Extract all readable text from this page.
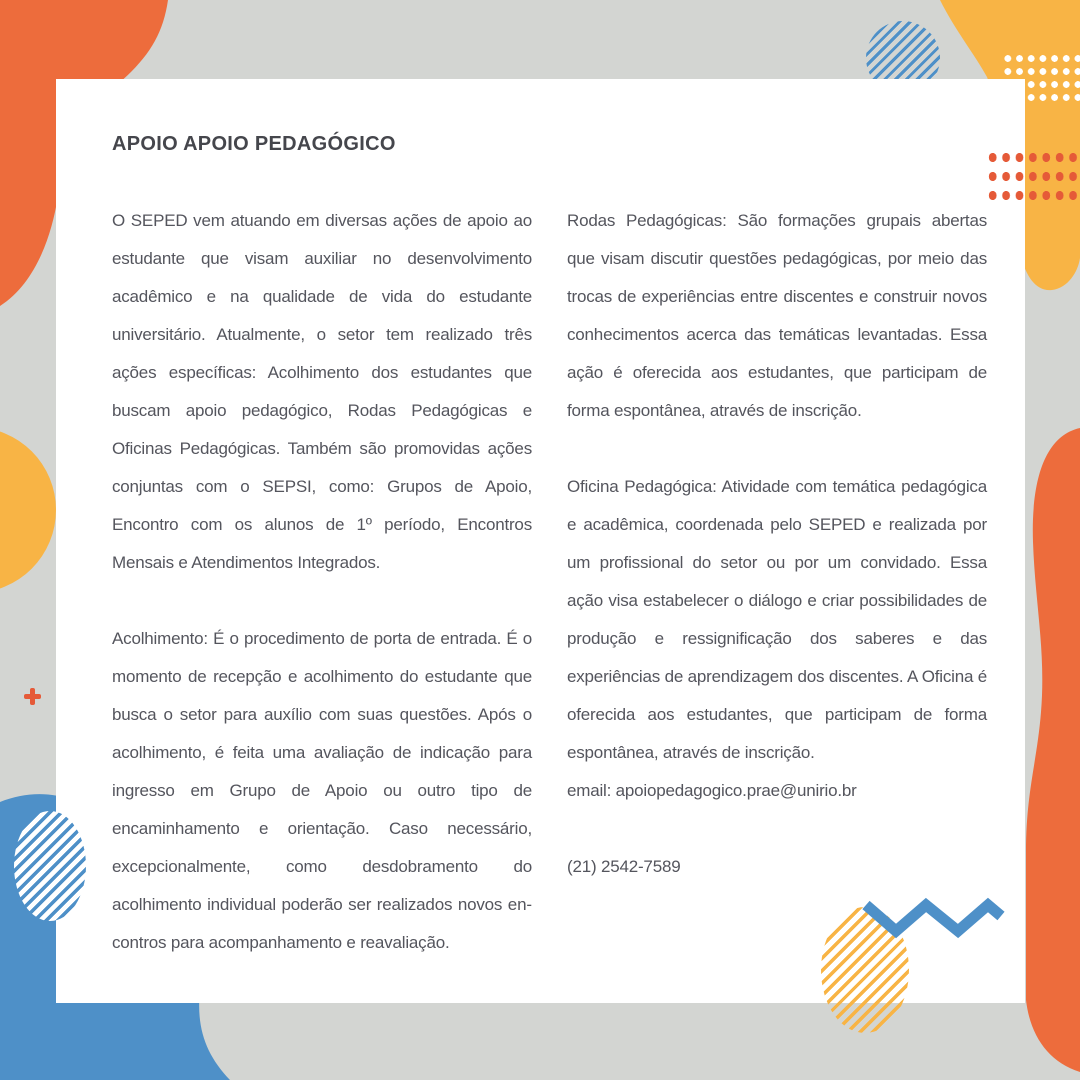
APOIO APOIO PEDAGÓGICO

O SEPED vem atuando em diversas ações de apoio ao estudante que visam auxiliar no desenvolvimento acadêmico e na qualidade de vida do estudante universitário. Atualmente, o setor tem realizado três ações específicas: Acolhimento dos estudantes que buscam apoio pedagógico, Rodas Pedagógicas e Oficinas Pedagógicas. Também são promovidas ações conjuntas com o SEPSI, como: Grupos de Apoio, Encontro com os alunos de 1º período, Encontros Mensais e Atendimentos Integrados.

Acolhimento: É o procedimento de porta de entrada. É o momento de recepção e acolhimento do estudante que busca o setor para auxílio com suas questões. Após o acolhimento, é feita uma avaliação de indicação para ingresso em Grupo de Apoio ou outro tipo de encaminhamento e orientação. Caso necessário, excepcionalmente, como desdobramento do acolhimento individual poderão ser realizados novos encontros para acompanhamento e reavaliação.

Rodas Pedagógicas: São formações grupais abertas que visam discutir questões pedagógicas, por meio das trocas de experiências entre discentes e construir novos conhecimentos acerca das temáticas levantadas. Essa ação é oferecida aos estudantes, que participam de forma espontânea, através de inscrição.

Oficina Pedagógica: Atividade com temática pedagógica e acadêmica, coordenada pelo SEPED e realizada por um profissional do setor ou por um convidado. Essa ação visa estabelecer o diálogo e criar possibilidades de produção e ressignificação dos saberes e das experiências de aprendizagem dos discentes. A Oficina é oferecida aos estudantes, que participam de forma espontânea, através de inscrição.

email: apoiopedagogico.prae@unirio.br

(21) 2542-7589
